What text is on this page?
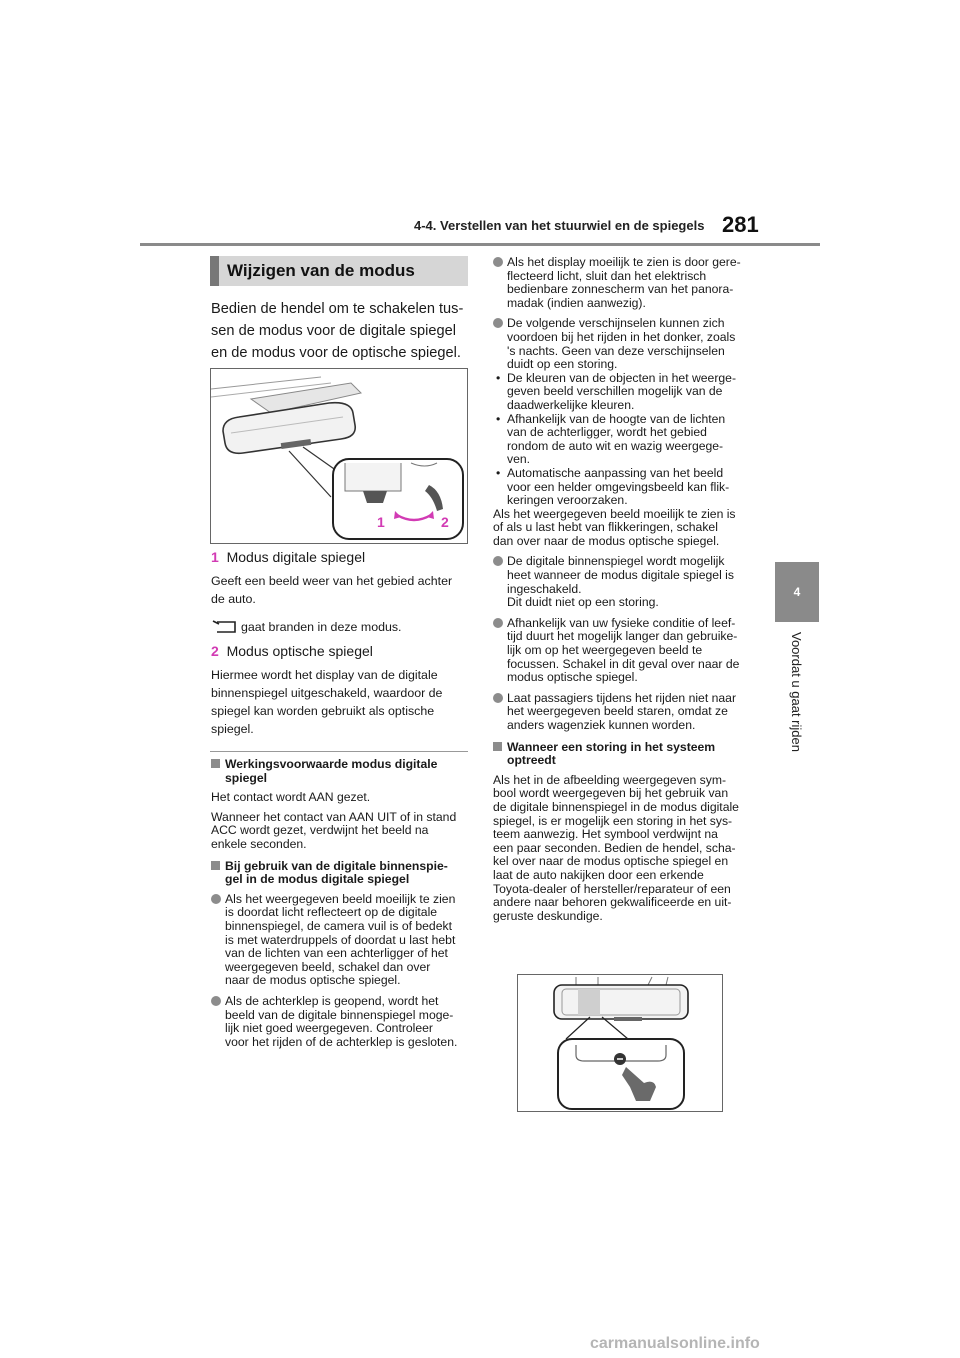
4-4. Verstellen van het stuurwiel en de spiegels 281
4
Voordat u gaat rijden
Wijzigen van de modus
Bedien de hendel om te schakelen tus-
sen de modus voor de digitale spiegel
en de modus voor de optische spiegel.
1	2
1 Modus digitale spiegel
Geeft een beeld weer van het gebied achter
de auto.
gaat branden in deze modus.
2 Modus optische spiegel
Hiermee wordt het display van de digitale
binnenspiegel uitgeschakeld, waardoor de
spiegel kan worden gebruikt als optische
spiegel.
Werkingsvoorwaarde modus digitale
spiegel
Het contact wordt AAN gezet.
Wanneer het contact van AAN UIT of in stand
ACC wordt gezet, verdwijnt het beeld na
enkele seconden.
Bij gebruik van de digitale binnenspie-
gel in de modus digitale spiegel
Als het weergegeven beeld moeilijk te zien
is doordat licht reflecteert op de digitale
binnenspiegel, de camera vuil is of bedekt
is met waterdruppels of doordat u last hebt
van de lichten van een achterligger of het
weergegeven beeld, schakel dan over
naar de modus optische spiegel.
Als de achterklep is geopend, wordt het
beeld van de digitale binnenspiegel moge-
lijk niet goed weergegeven. Controleer
voor het rijden of de achterklep is gesloten.
Als het display moeilijk te zien is door gere-
flecteerd licht, sluit dan het elektrisch
bedienbare zonnescherm van het panora-
madak (indien aanwezig).
De volgende verschijnselen kunnen zich
voordoen bij het rijden in het donker, zoals
's nachts. Geen van deze verschijnselen
duidt op een storing.
• De kleuren van de objecten in het weerge-
geven beeld verschillen mogelijk van de
daadwerkelijke kleuren.
• Afhankelijk van de hoogte van de lichten
van de achterligger, wordt het gebied
rondom de auto wit en wazig weergege-
ven.
• Automatische aanpassing van het beeld
voor een helder omgevingsbeeld kan flik-
keringen veroorzaken.
Als het weergegeven beeld moeilijk te zien is
of als u last hebt van flikkeringen, schakel
dan over naar de modus optische spiegel.
De digitale binnenspiegel wordt mogelijk
heet wanneer de modus digitale spiegel is
ingeschakeld.
Dit duidt niet op een storing.
Afhankelijk van uw fysieke conditie of leef-
tijd duurt het mogelijk langer dan gebruike-
lijk om op het weergegeven beeld te
focussen. Schakel in dit geval over naar de
modus optische spiegel.
Laat passagiers tijdens het rijden niet naar
het weergegeven beeld staren, omdat ze
anders wagenziek kunnen worden.
Wanneer een storing in het systeem
optreedt
Als het in de afbeelding weergegeven sym-
bool wordt weergegeven bij het gebruik van
de digitale binnenspiegel in de modus digitale
spiegel, is er mogelijk een storing in het sys-
teem aanwezig. Het symbool verdwijnt na
een paar seconden. Bedien de hendel, scha-
kel over naar de modus optische spiegel en
laat de auto nakijken door een erkende
Toyota-dealer of hersteller/reparateur of een
andere naar behoren gekwalificeerde en uit-
geruste deskundige.
carmanualsonline.info
